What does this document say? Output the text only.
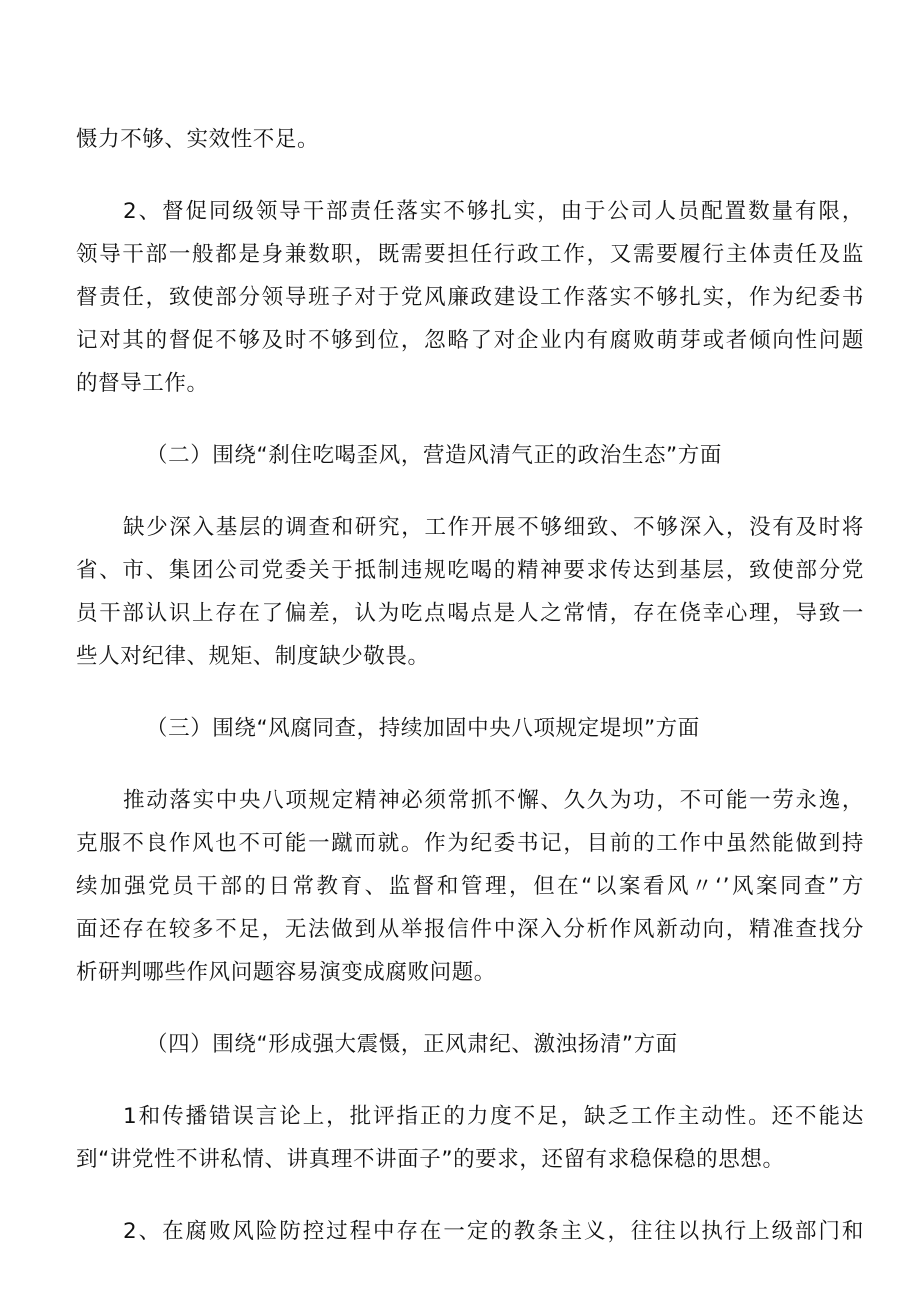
慑力不够、实效性不足。
2、督促同级领导干部责任落实不够扎实，由于公司人员配置数量有限，
领导干部一般都是身兼数职，既需要担任行政工作，又需要履行主体责任及监
督责任，致使部分领导班子对于党风廉政建设工作落实不够扎实，作为纪委书
记对其的督促不够及时不够到位，忽略了对企业内有腐败萌芽或者倾向性问题
的督导工作。
（二）围绕“刹住吃喝歪风，营造风清气正的政治生态”方面
缺少深入基层的调查和研究，工作开展不够细致、不够深入，没有及时将
省、市、集团公司党委关于抵制违规吃喝的精神要求传达到基层，致使部分党
员干部认识上存在了偏差，认为吃点喝点是人之常情，存在侥幸心理，导致一
些人对纪律、规矩、制度缺少敬畏。
（三）围绕“风腐同查，持续加固中央八项规定堤坝”方面
推动落实中央八项规定精神必须常抓不懈、久久为功，不可能一劳永逸，
克服不良作风也不可能一蹴而就。作为纪委书记，目前的工作中虽然能做到持
续加强党员干部的日常教育、监督和管理，但在“以案看风〃‘’风案同查”方
面还存在较多不足，无法做到从举报信件中深入分析作风新动向，精准查找分
析研判哪些作风问题容易演变成腐败问题。
（四）围绕“形成强大震慑，正风肃纪、激浊扬清”方面
1和传播错误言论上，批评指正的力度不足，缺乏工作主动性。还不能达
到“讲党性不讲私情、讲真理不讲面子”的要求，还留有求稳保稳的思想。
2、在腐败风险防控过程中存在一定的教条主义，往往以执行上级部门和
